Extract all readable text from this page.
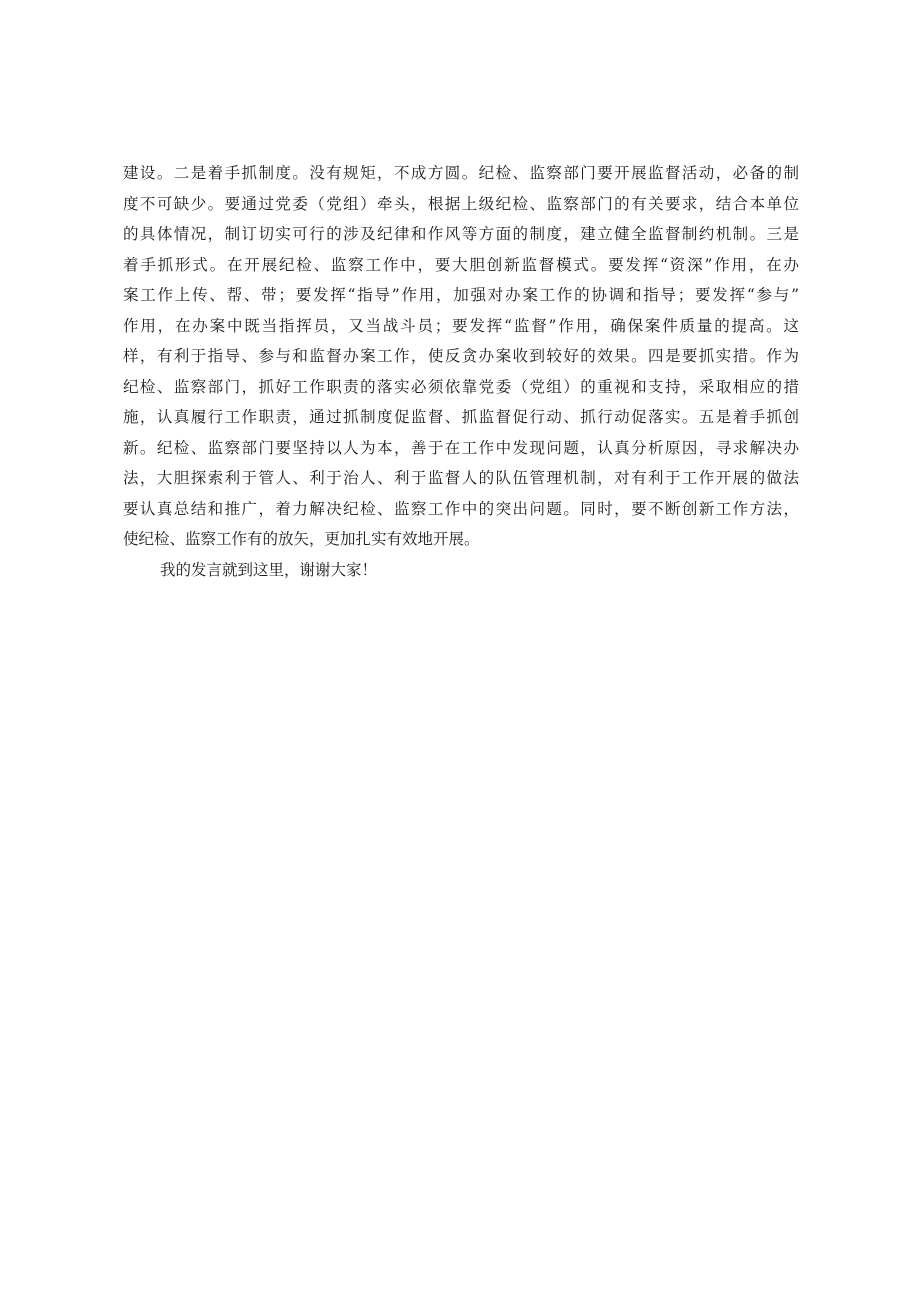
建设。二是着手抓制度。没有规矩，不成方圆。纪检、监察部门要开展监督活动，必备的制
度不可缺少。要通过党委（党组）牵头，根据上级纪检、监察部门的有关要求，结合本单位
的具体情况，制订切实可行的涉及纪律和作风等方面的制度，建立健全监督制约机制。三是
着手抓形式。在开展纪检、监察工作中，要大胆创新监督模式。要发挥“资深”作用，在办
案工作上传、帮、带；要发挥“指导”作用，加强对办案工作的协调和指导；要发挥“参与”
作用，在办案中既当指挥员，又当战斗员；要发挥“监督”作用，确保案件质量的提高。这
样，有利于指导、参与和监督办案工作，使反贪办案收到较好的效果。四是要抓实措。作为
纪检、监察部门，抓好工作职责的落实必须依靠党委（党组）的重视和支持，采取相应的措
施，认真履行工作职责，通过抓制度促监督、抓监督促行动、抓行动促落实。五是着手抓创
新。纪检、监察部门要坚持以人为本，善于在工作中发现问题，认真分析原因，寻求解决办
法，大胆探索利于管人、利于治人、利于监督人的队伍管理机制，对有利于工作开展的做法
要认真总结和推广，着力解决纪检、监察工作中的突出问题。同时，要不断创新工作方法，
使纪检、监察工作有的放矢，更加扎实有效地开展。
我的发言就到这里，谢谢大家！
